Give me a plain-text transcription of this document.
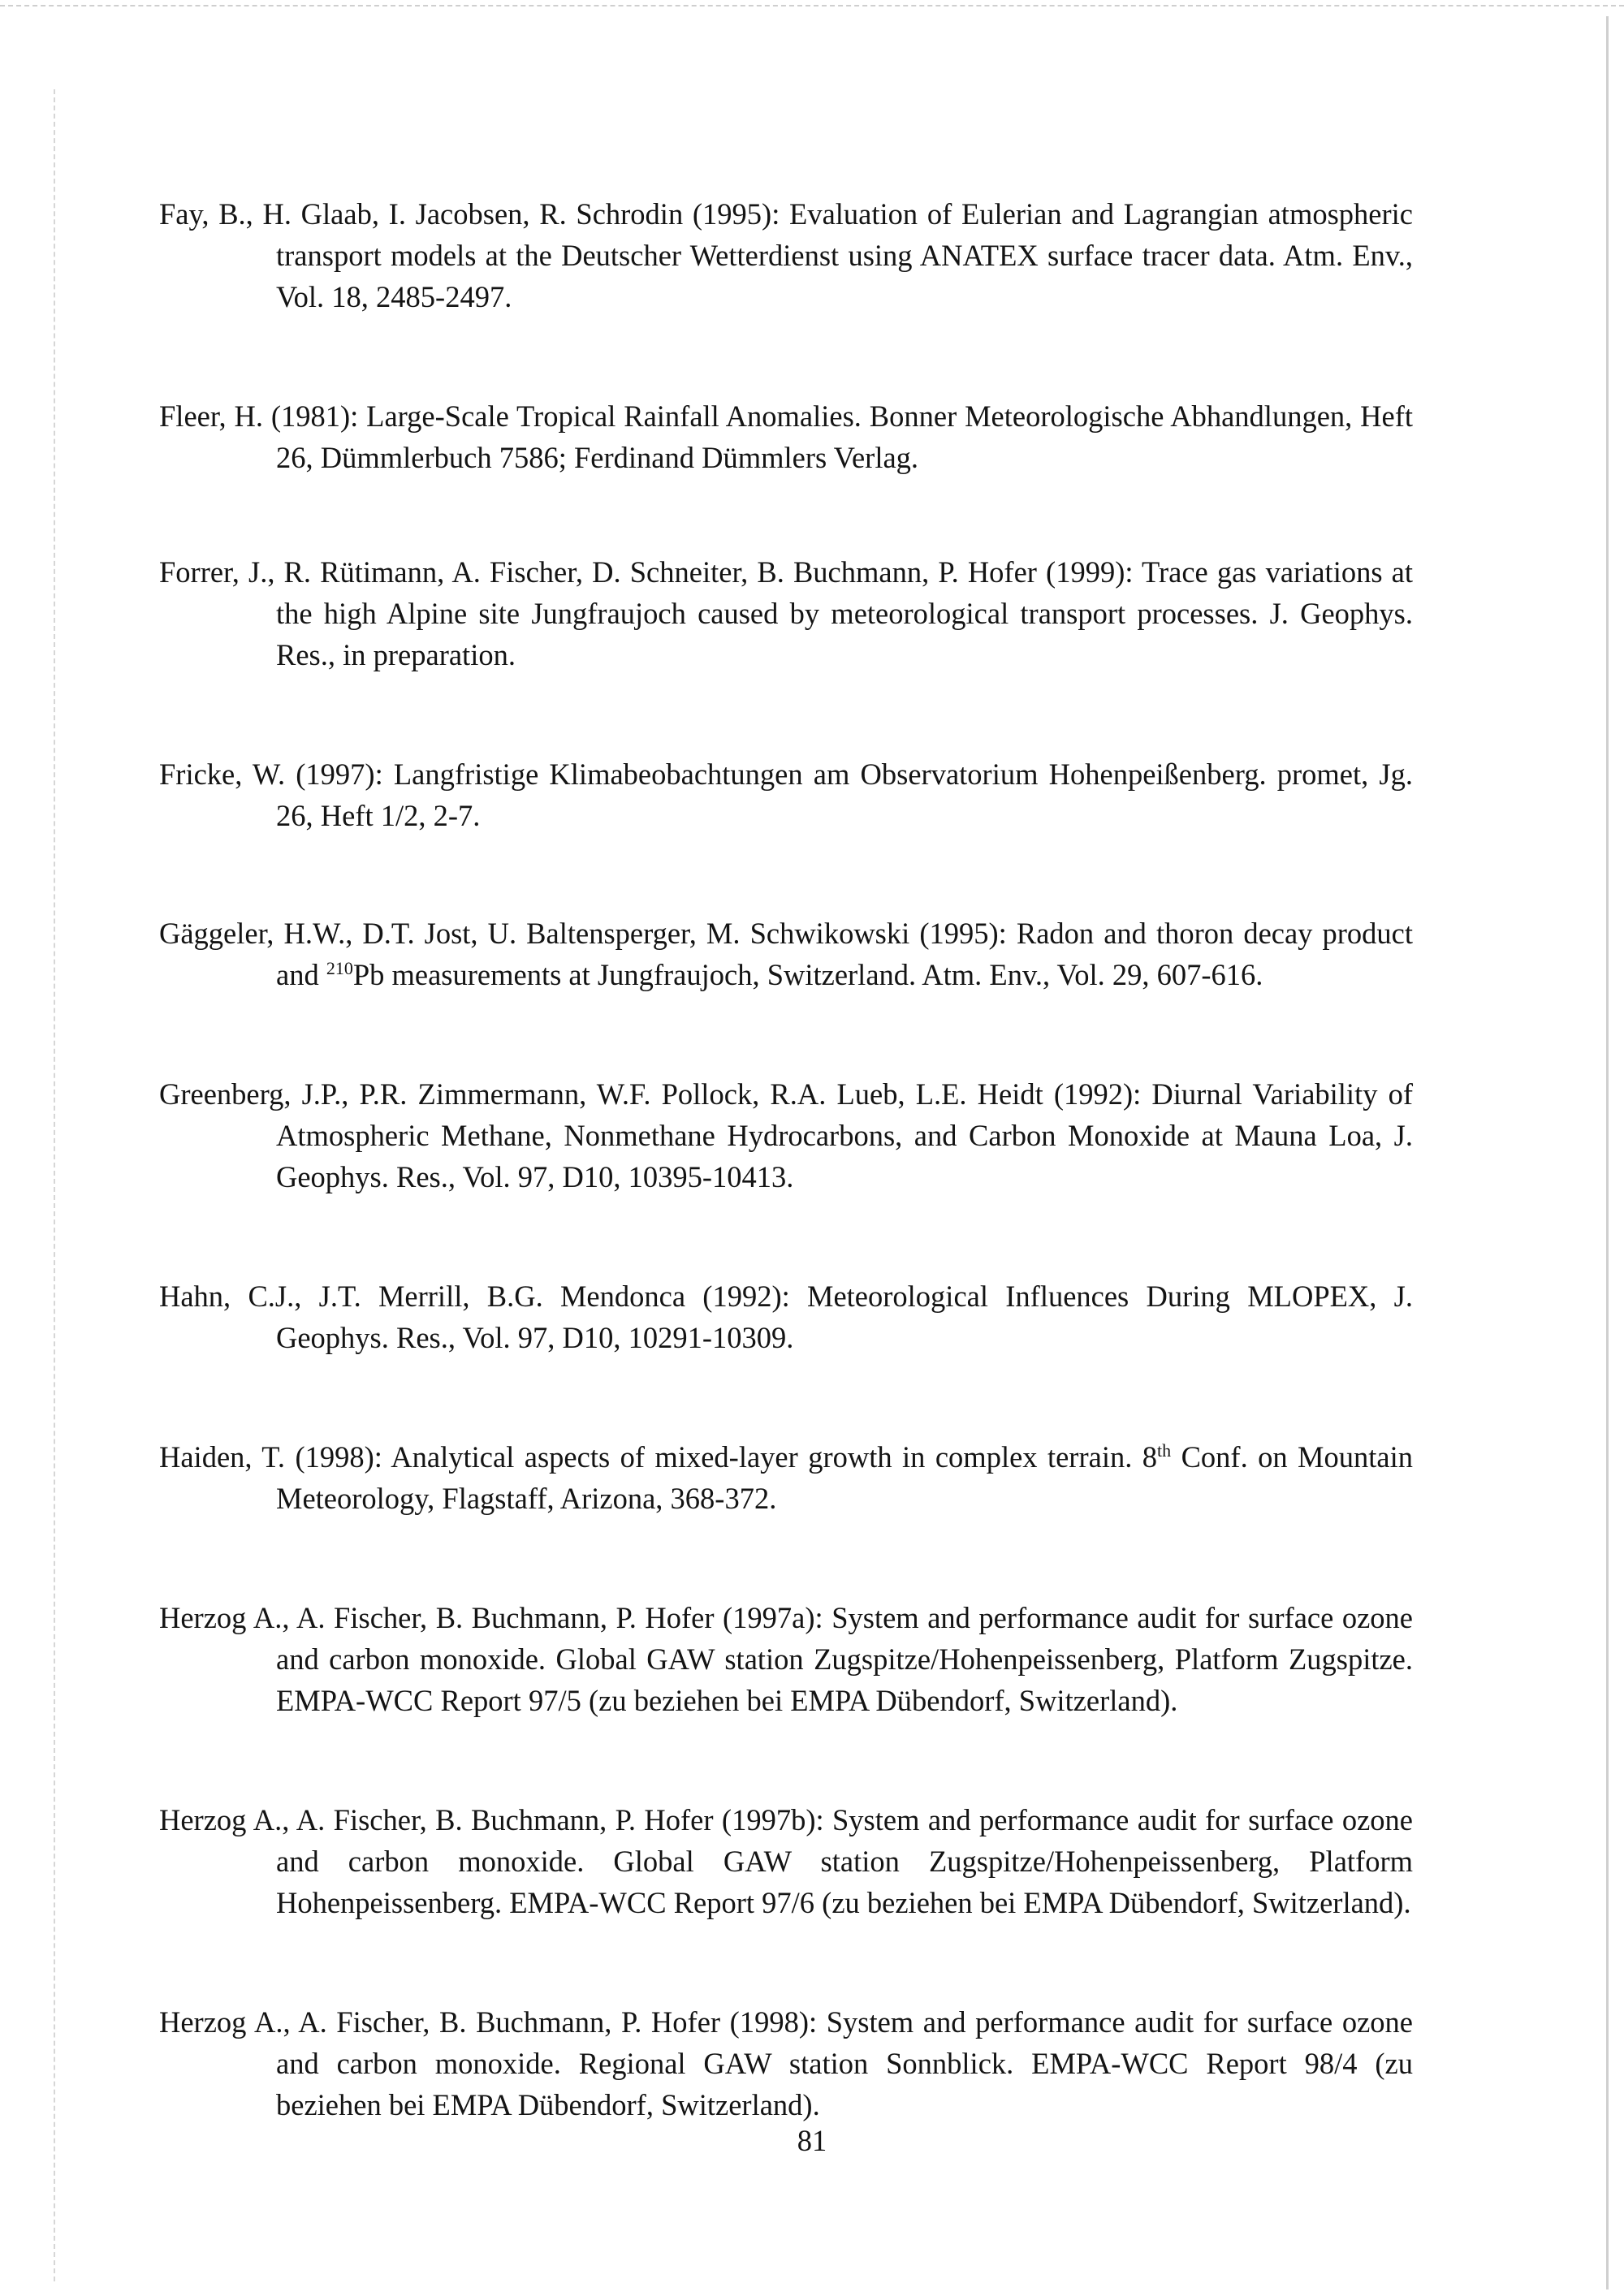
Fay, B., H. Glaab, I. Jacobsen, R. Schrodin (1995): Evaluation of Eulerian and Lagrangian atmospheric transport models at the Deutscher Wetterdienst using ANATEX surface tracer data. Atm. Env., Vol. 18, 2485-2497.

Fleer, H. (1981): Large-Scale Tropical Rainfall Anomalies. Bonner Meteorologische Abhandlungen, Heft 26, Dümmlerbuch 7586; Ferdinand Dümmlers Verlag.

Forrer, J., R. Rütimann, A. Fischer, D. Schneiter, B. Buchmann, P. Hofer (1999): Trace gas variations at the high Alpine site Jungfraujoch caused by meteorological transport processes. J. Geophys. Res., in preparation.

Fricke, W. (1997): Langfristige Klimabeobachtungen am Observatorium Hohenpeißenberg. promet, Jg. 26, Heft 1/2, 2-7.

Gäggeler, H.W., D.T. Jost, U. Baltensperger, M. Schwikowski (1995): Radon and thoron decay product and $^{210}$Pb measurements at Jungfraujoch, Switzerland. Atm. Env., Vol. 29, 607-616.

Greenberg, J.P., P.R. Zimmermann, W.F. Pollock, R.A. Lueb, L.E. Heidt (1992): Diurnal Variability of Atmospheric Methane, Nonmethane Hydrocarbons, and Carbon Monoxide at Mauna Loa, J. Geophys. Res., Vol. 97, D10, 10395-10413.

Hahn, C.J., J.T. Merrill, B.G. Mendonca (1992): Meteorological Influences During MLOPEX, J. Geophys. Res., Vol. 97, D10, 10291-10309.

Haiden, T. (1998): Analytical aspects of mixed-layer growth in complex terrain. 8th Conf. on Mountain Meteorology, Flagstaff, Arizona, 368-372.

Herzog A., A. Fischer, B. Buchmann, P. Hofer (1997a): System and performance audit for surface ozone and carbon monoxide. Global GAW station Zugspitze/Hohenpeissenberg, Platform Zugspitze. EMPA-WCC Report 97/5 (zu beziehen bei EMPA Dübendorf, Switzerland).

Herzog A., A. Fischer, B. Buchmann, P. Hofer (1997b): System and performance audit for surface ozone and carbon monoxide. Global GAW station Zugspitze/Hohenpeissenberg, Platform Hohenpeissenberg. EMPA-WCC Report 97/6 (zu beziehen bei EMPA Dübendorf, Switzerland).

Herzog A., A. Fischer, B. Buchmann, P. Hofer (1998): System and performance audit for surface ozone and carbon monoxide. Regional GAW station Sonnblick. EMPA-WCC Report 98/4 (zu beziehen bei EMPA Dübendorf, Switzerland).

81
